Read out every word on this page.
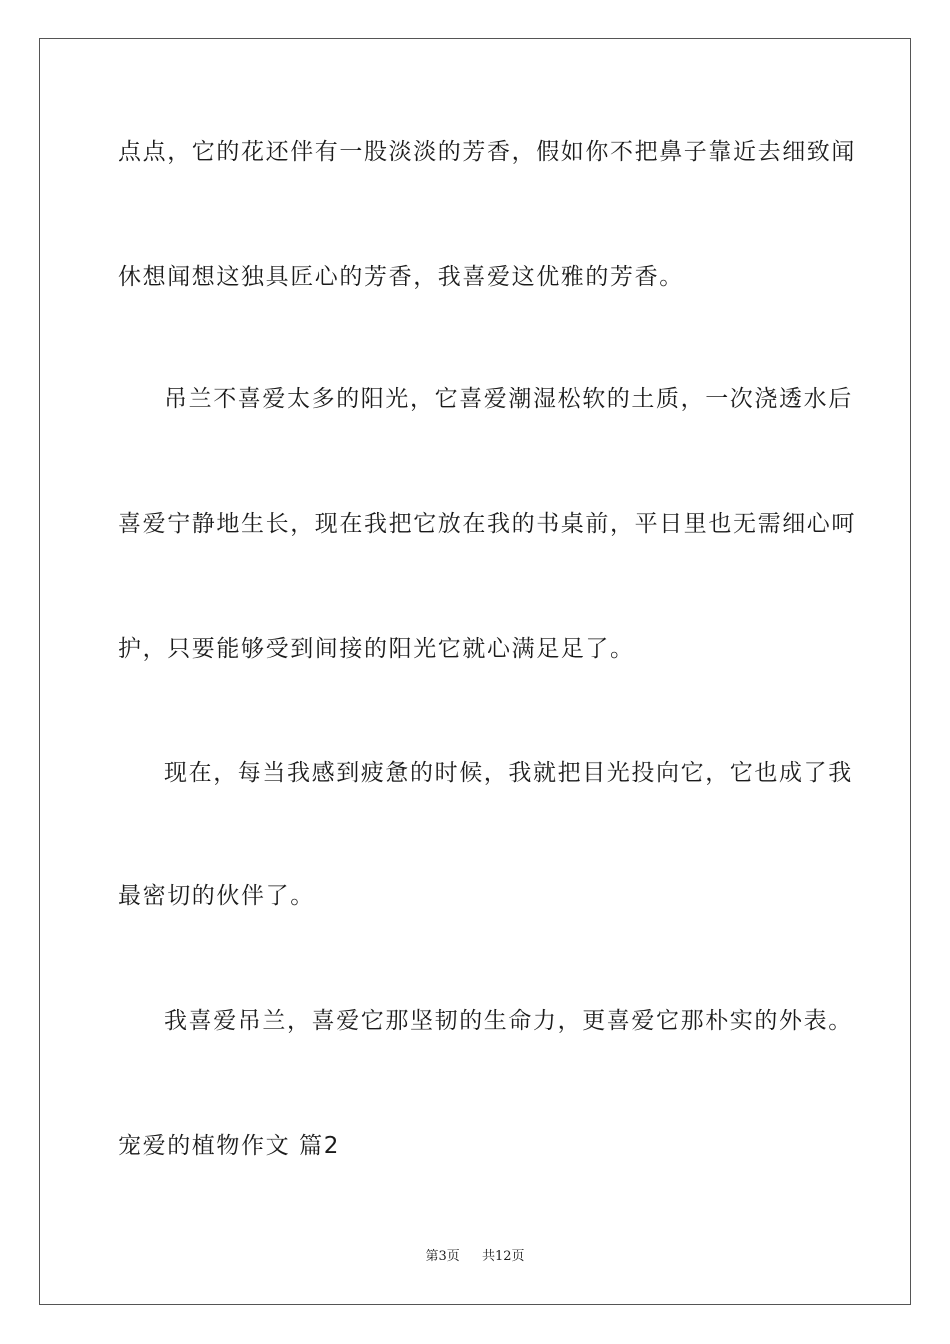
点点，它的花还伴有一股淡淡的芳香，假如你不把鼻子靠近去细致闻
休想闻想这独具匠心的芳香，我喜爱这优雅的芳香。
吊兰不喜爱太多的阳光，它喜爱潮湿松软的土质，一次浇透水后
喜爱宁静地生长，现在我把它放在我的书桌前，平日里也无需细心呵
护，只要能够受到间接的阳光它就心满足足了。
现在，每当我感到疲惫的时候，我就把目光投向它，它也成了我
最密切的伙伴了。
我喜爱吊兰，喜爱它那坚韧的生命力，更喜爱它那朴实的外表。
宠爱的植物作文 篇2
第3页 共12页
